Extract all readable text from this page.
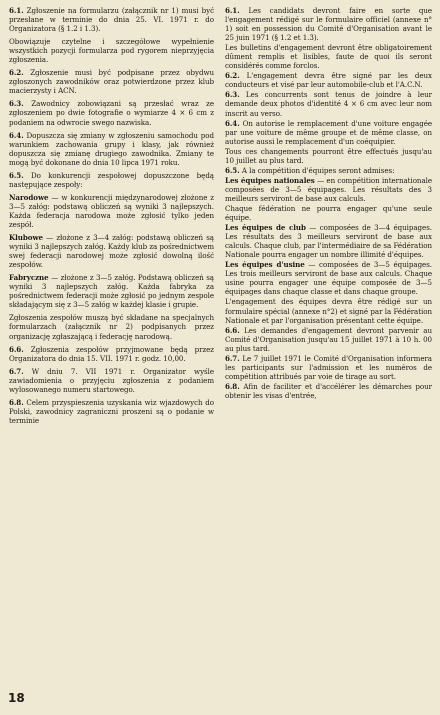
6.1. Zgłoszenie na formularzu (załącznik nr 1) musi być przesłane w terminie do dnia 25. VI. 1971 r. do Organizatora (§ 1.2 i 1.3).

Obowiązuje czytelne i szczegółowe wypełnienie wszystkich pozycji formularza pod rygorem nieprzyjęcia zgłoszenia.

6.2. Zgłoszenie musi być podpisane przez obydwu zgłoszonych zawodników oraz potwierdzone przez klub macierzysty i ACN.

6.3. Zawodnicy zobowiązani są przesłać wraz ze zgłoszeniem po dwie fotografie o wymiarze 4 × 6 cm z podaniem na odwrocie swego nazwiska.

6.4. Dopuszcza się zmiany w zgłoszeniu samochodu pod warunkiem zachowania grupy i klasy, jak również dopuszcza się zmianę drugiego zawodnika. Zmiany te mogą być dokonane do dnia 10 lipca 1971 roku.

6.5. Do konkurencji zespołowej dopuszczone będą następujące zespoły:

Narodowe — w konkurencji międzynarodowej złożone z 3—5 załóg: podstawą obliczeń są wyniki 3 najlepszych. Każda federacja narodowa może zgłosić tylko jeden zespół.

Klubowe — złożone z 3—4 załóg: podstawą obliczeń są wyniki 3 najlepszych załóg. Każdy klub za pośrednictwem swej federacji narodowej może zgłosić dowolną ilość zespołów.

Fabryczne — złożone z 3—5 załóg. Podstawą obliczeń są wyniki 3 najlepszych załóg. Każda fabryka za pośrednictwem federacji może zgłosić po jednym zespole składającym się z 3—5 załóg w każdej klasie i grupie.

Zgłoszenia zespołów muszą być składane na specjalnych formularzach (załącznik nr 2) podpisanych przez organizację zgłaszającą i federację narodową.

6.6. Zgłoszenia zespołów przyjmowane będą przez Organizatora do dnia 15. VII. 1971 r. godz. 10,00.

6.7. W dniu 7. VII 1971 r. Organizator wyśle zawiadomienia o przyjęciu zgłoszenia z podaniem wylosowanego numeru startowego.

6.8. Celem przyspieszenia uzyskania wiz wjazdowych do Polski, zawodnicy zagraniczni proszeni są o podanie w terminie

6.1. Les candidats devront faire en sorte que l'engagement rédigé sur le formulaire officiel (annexe n° 1) soit en possession du Comité d'Organisation avant le 25 juin 1971 (§ 1.2 et 1.3).

Les bulletins d'engagement devront être obligatoirement dûment remplis et lisibles, faute de quoi ils seront considérés comme forclos.

6.2. L'engagement devra être signé par les deux conducteurs et visé par leur automobile-club et l'A.C.N.

6.3. Les concurrents sont tenus de joindre à leur demande deux photos d'identité 4 × 6 cm avec leur nom inscrit au verso.

6.4. On autorise le remplacement d'une voiture engagée par une voiture de même groupe et de même classe, on autorise aussi le remplacement d'un coéquipier.

Tous ces changements pourront être effectués jusqu'au 10 juillet au plus tard.

6.5. A la compétition d'équipes seront admises:

Les équipes nationales — en compétition internationale composées de 3—5 équipages. Les résultats des 3 meilleurs serviront de base aux calculs.

Chaque fédération ne pourra engager qu'une seule équipe.

Les équipes de club — composées de 3—4 équipages. Les résultats des 3 meilleurs serviront de base aux calculs. Chaque club, par l'intermédiaire de sa Fédération Nationale pourra engager un nombre illimité d'équipes.

Les équipes d'usine — composées de 3—5 équipages. Les trois meilleurs serviront de base aux calculs. Chaque usine pourra engager une équipe composée de 3—5 équipages dans chaque classe et dans chaque groupe.

L'engagement des équipes devra être rédigé sur un formulaire spécial (annexe n°2) et signé par la Fédération Nationale et par l'organisation présentant cette équipe.

6.6. Les demandes d'engagement devront parvenir au Comité d'Organisation jusqu'au 15 juillet 1971 à 10 h. 00 au plus tard.

6.7. Le 7 juillet 1971 le Comité d'Organisation informera les participants sur l'admission et les numéros de compétition attribués par voie de tirage au sort.

6.8. Afin de faciliter et d'accélérer les démarches pour obtenir les visas d'entrée,

18
